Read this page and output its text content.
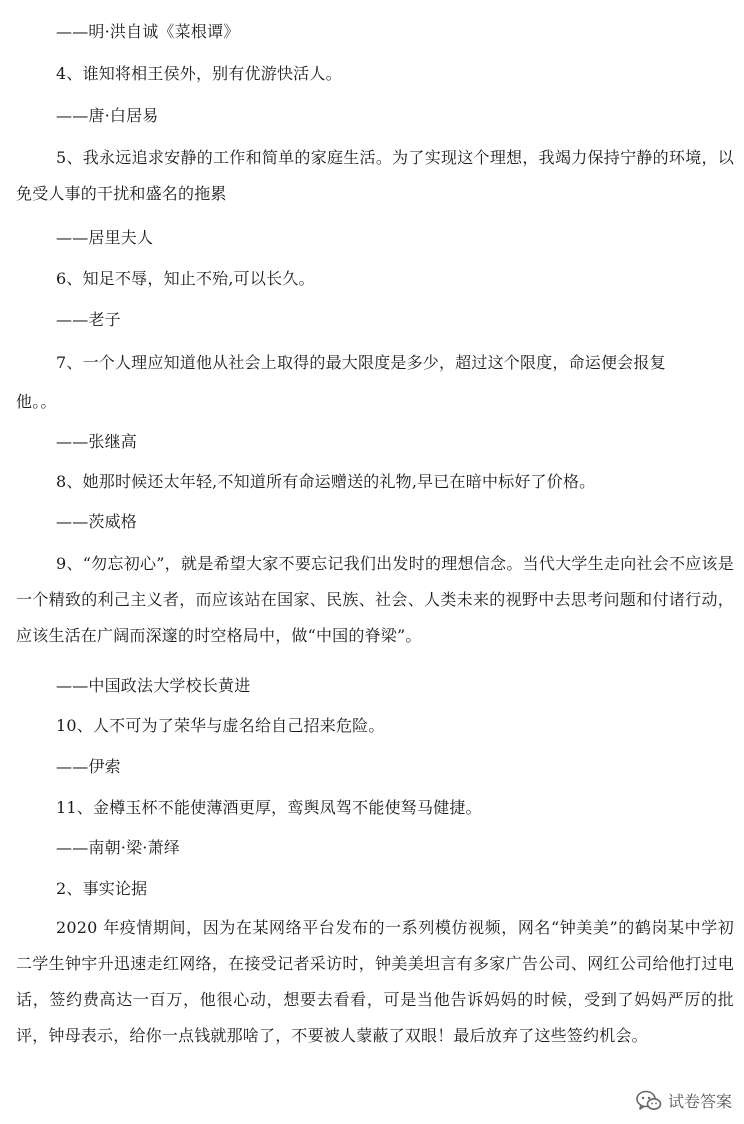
——明·洪自诚《菜根谭》
4、谁知将相王侯外，别有优游快活人。
——唐·白居易

5、我永远追求安静的工作和简单的家庭生活。为了实现这个理想，我竭力保持宁静的环境，以免受人事的干扰和盛名的拖累

——居里夫人
6、知足不辱，知止不殆,可以长久。
——老子

7、一个人理应知道他从社会上取得的最大限度是多少，超过这个限度，命运便会报复

他。。
——张继高
8、她那时候还太年轻,不知道所有命运赠送的礼物,早已在暗中标好了价格。
——茨威格

9、“勿忘初心”，就是希望大家不要忘记我们出发时的理想信念。当代大学生走向社会不应该是一个精致的利己主义者，而应该站在国家、民族、社会、人类未来的视野中去思考问题和付诸行动，应该生活在广阔而深邃的时空格局中，做“中国的脊梁”。

——中国政法大学校长黄进
10、人不可为了荣华与虚名给自己招来危险。
——伊索
11、金樽玉杯不能使薄酒更厚，鸾舆凤驾不能使驽马健捷。
——南朝·梁·萧绎
2、事实论据

2020 年疫情期间，因为在某网络平台发布的一系列模仿视频，网名“钟美美”的鹤岗某中学初二学生钟宇升迅速走红网络，在接受记者采访时，钟美美坦言有多家广告公司、网红公司给他打过电话，签约费高达一百万，他很心动，想要去看看，可是当他告诉妈妈的时候，受到了妈妈严厉的批评，钟母表示，给你一点钱就那啥了，不要被人蒙蔽了双眼！最后放弃了这些签约机会。

试卷答案
